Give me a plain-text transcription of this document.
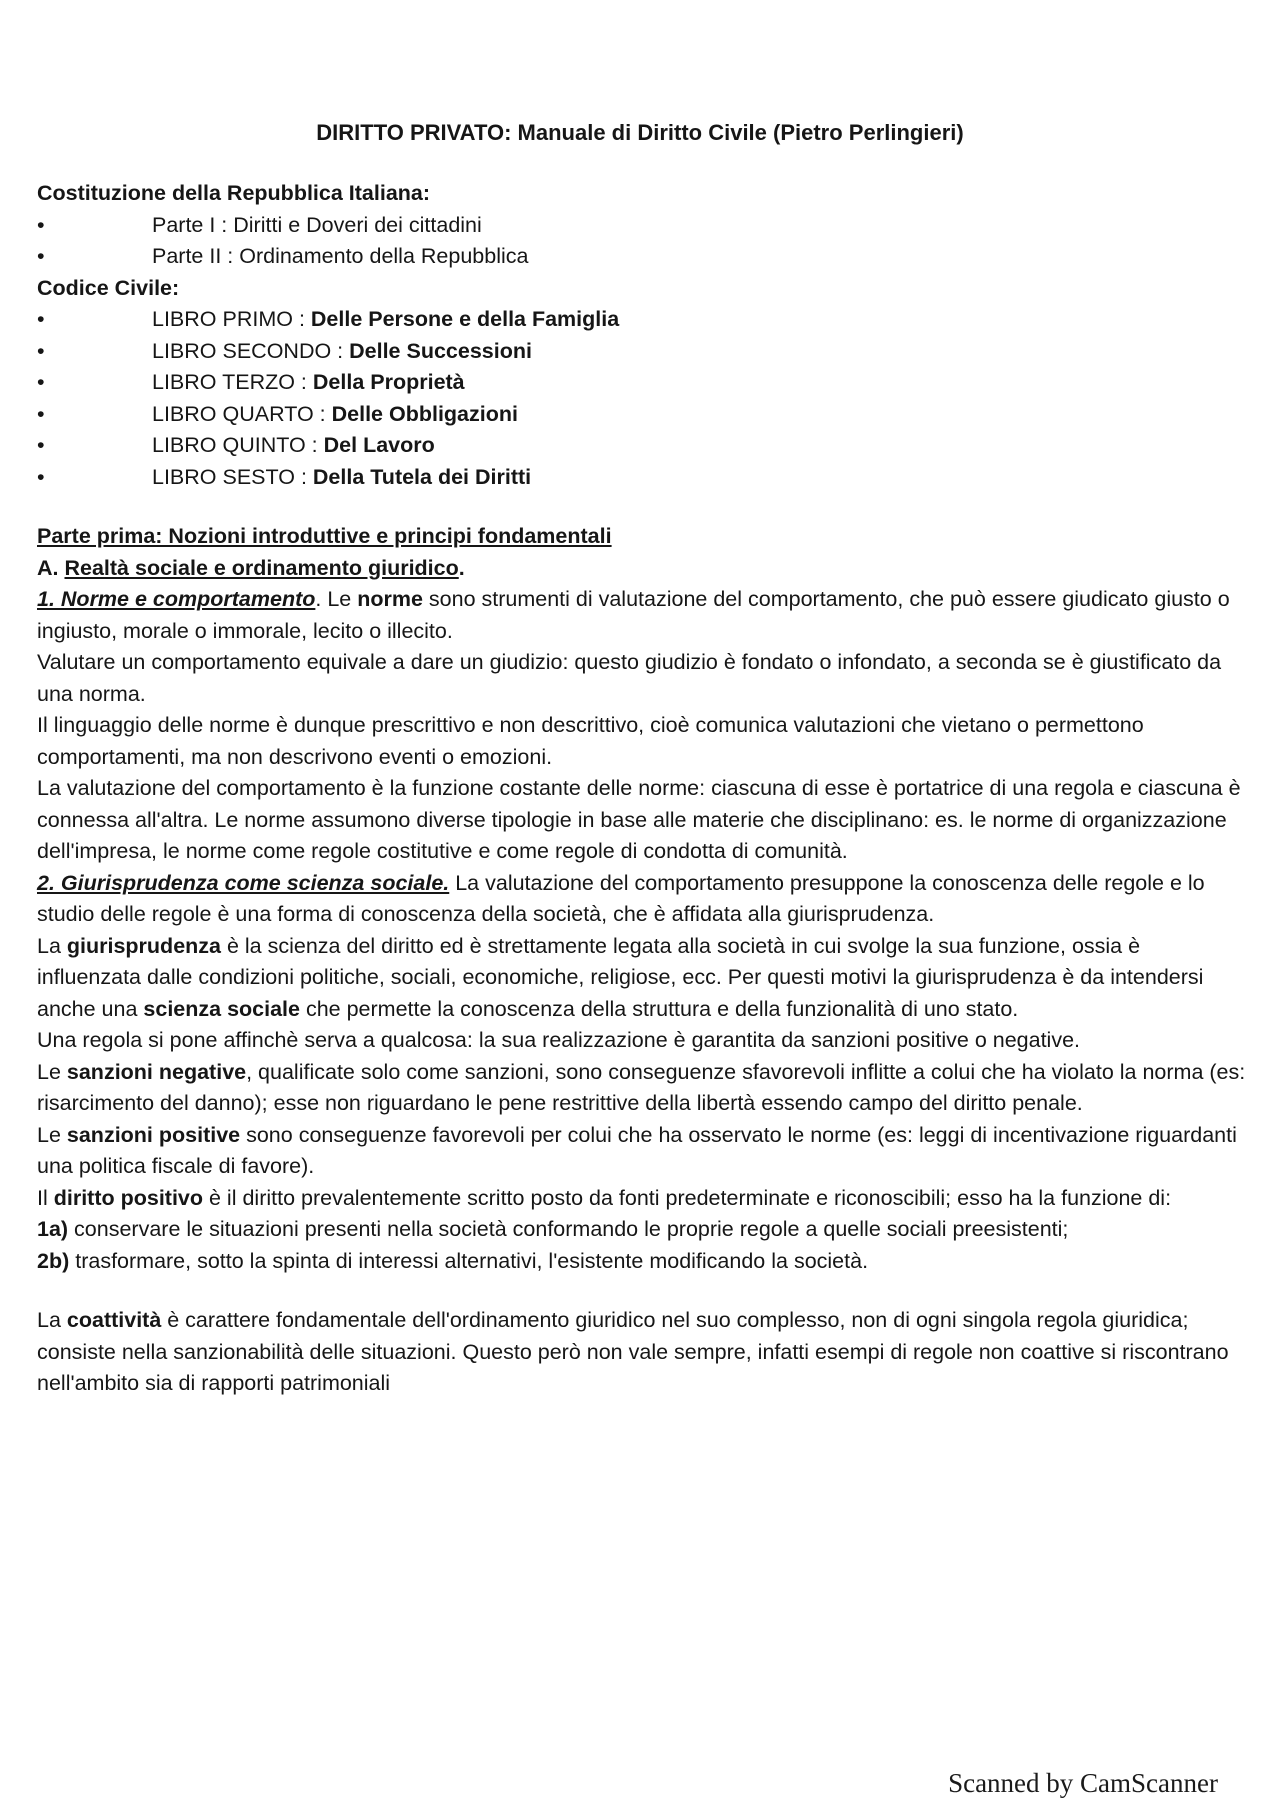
DIRITTO PRIVATO: Manuale di Diritto Civile (Pietro Perlingieri)
Costituzione della Repubblica Italiana:
•	Parte I : Diritti e Doveri dei cittadini
•	Parte II : Ordinamento della Repubblica
Codice Civile:
•	LIBRO PRIMO : Delle Persone e della Famiglia
•	LIBRO SECONDO : Delle Successioni
•	LIBRO TERZO : Della Proprietà
•	LIBRO QUARTO : Delle Obbligazioni
•	LIBRO QUINTO : Del Lavoro
•	LIBRO SESTO : Della Tutela dei Diritti
Parte prima: Nozioni introduttive e principi fondamentali
A. Realtà sociale e ordinamento giuridico.

1. Norme e comportamento. Le norme sono strumenti di valutazione del comportamento, che può essere giudicato giusto o ingiusto, morale o immorale, lecito o illecito.

Valutare un comportamento equivale a dare un giudizio: questo giudizio è fondato o infondato, a seconda se è giustificato da una norma.

Il linguaggio delle norme è dunque prescrittivo e non descrittivo, cioè comunica valutazioni che vietano o permettono comportamenti, ma non descrivono eventi o emozioni.

La valutazione del comportamento è la funzione costante delle norme: ciascuna di esse è portatrice di una regola e ciascuna è connessa all'altra. Le norme assumono diverse tipologie in base alle materie che disciplinano: es. le norme di organizzazione dell'impresa, le norme come regole costitutive e come regole di condotta di comunità.

2. Giurisprudenza come scienza sociale. La valutazione del comportamento presuppone la conoscenza delle regole e lo studio delle regole è una forma di conoscenza della società, che è affidata alla giurisprudenza.

La giurisprudenza è la scienza del diritto ed è strettamente legata alla società in cui svolge la sua funzione, ossia è influenzata dalle condizioni politiche, sociali, economiche, religiose, ecc. Per questi motivi la giurisprudenza è da intendersi anche una scienza sociale che permette la conoscenza della struttura e della funzionalità di uno stato.

Una regola si pone affinchè serva a qualcosa: la sua realizzazione è garantita da sanzioni positive o negative.

Le sanzioni negative, qualificate solo come sanzioni, sono conseguenze sfavorevoli inflitte a colui che ha violato la norma (es: risarcimento del danno); esse non riguardano le pene restrittive della libertà essendo campo del diritto penale.

Le sanzioni positive sono conseguenze favorevoli per colui che ha osservato le norme (es: leggi di incentivazione riguardanti una politica fiscale di favore).

Il diritto positivo è il diritto prevalentemente scritto posto da fonti predeterminate e riconoscibili; esso ha la funzione di:

1a) conservare le situazioni presenti nella società conformando le proprie regole a quelle sociali preesistenti;

2b) trasformare, sotto la spinta di interessi alternativi, l'esistente modificando la società.

La coattività è carattere fondamentale dell'ordinamento giuridico nel suo complesso, non di ogni singola regola giuridica; consiste nella sanzionabilità delle situazioni. Questo però non vale sempre, infatti esempi di regole non coattive si riscontrano nell'ambito sia di rapporti patrimoniali

Scanned by CamScanner
